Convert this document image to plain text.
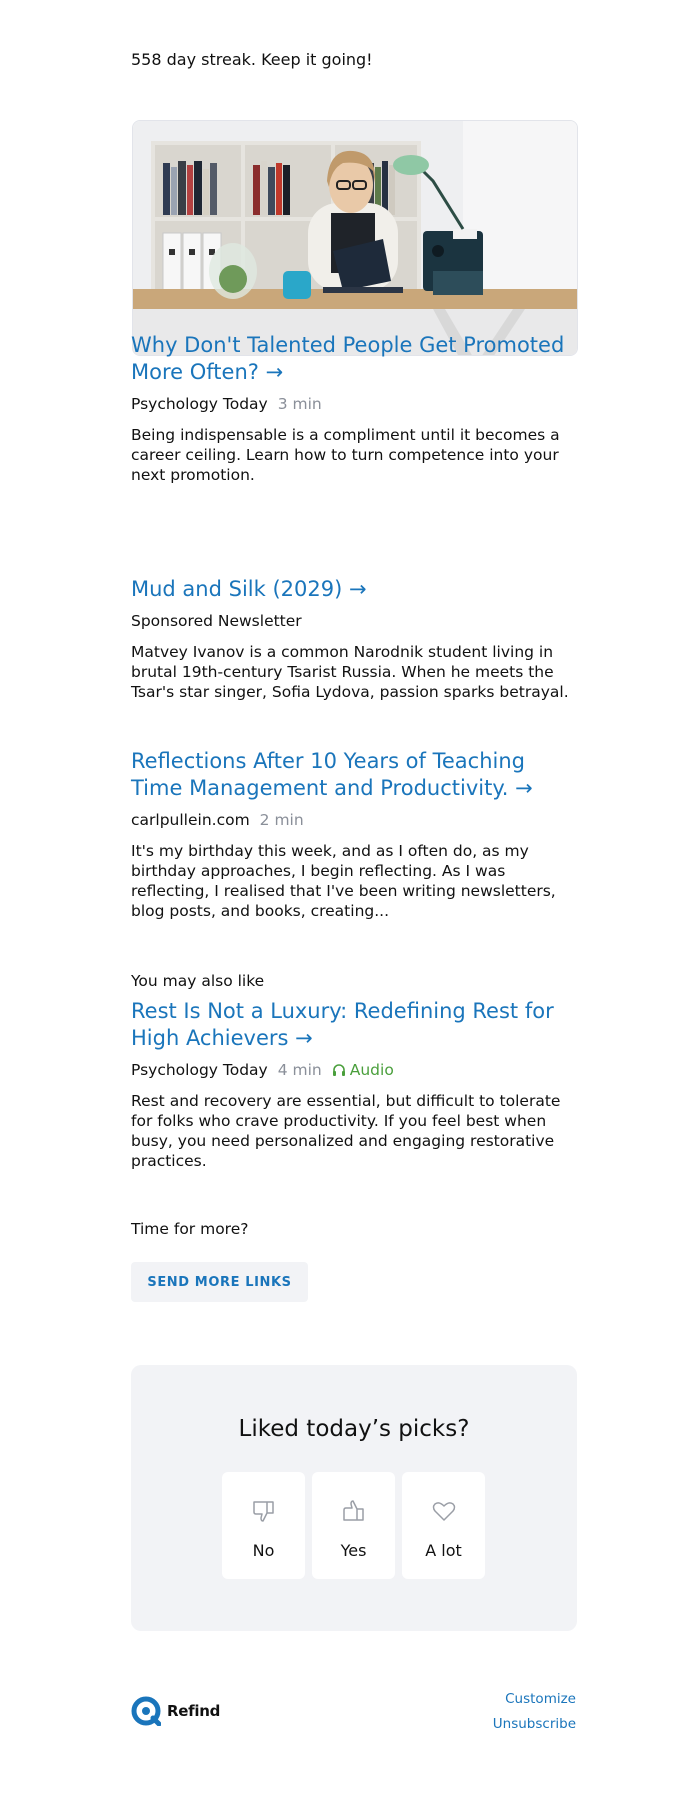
558 day streak. Keep it going!
Why Don't Talented People Get Promoted More Often? →
Psychology Today 3 min
Being indispensable is a compliment until it becomes a career ceiling. Learn how to turn competence into your next promotion.
Mud and Silk (2029) →
Sponsored Newsletter
Matvey Ivanov is a common Narodnik student living in brutal 19th-century Tsarist Russia. When he meets the Tsar's star singer, Sofia Lydova, passion sparks betrayal.
Reflections After 10 Years of Teaching Time Management and Productivity. →
carlpullein.com 2 min
It's my birthday this week, and as I often do, as my birthday approaches, I begin reflecting. As I was reflecting, I realised that I've been writing newsletters, blog posts, and books, creating...
You may also like
Rest Is Not a Luxury: Redefining Rest for High Achievers →
Psychology Today 4 min Audio
Rest and recovery are essential, but difficult to tolerate for folks who crave productivity. If you feel best when busy, you need personalized and engaging restorative practices.
Time for more?
SEND MORE LINKS
Liked today’s picks?
No	Yes	A lot
Refind
Customize
Unsubscribe
